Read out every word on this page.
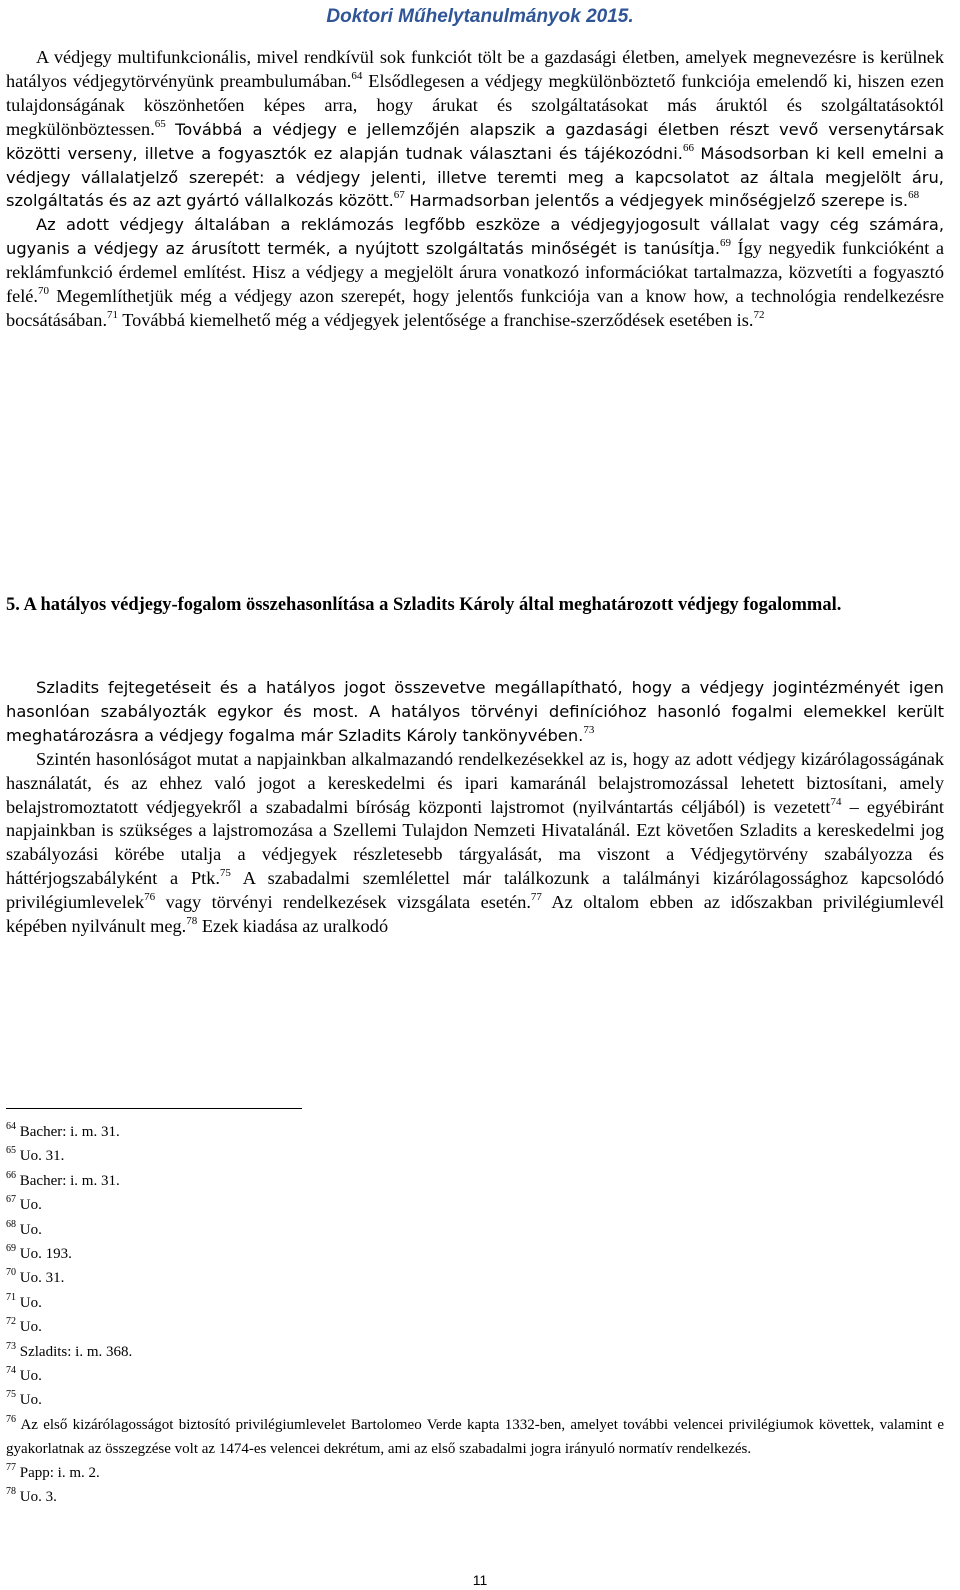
Doktori Műhelytanulmányok 2015.

A védjegy multifunkcionális, mivel rendkívül sok funkciót tölt be a gazdasági életben, amelyek megnevezésre is kerülnek hatályos védjegytörvényünk preambulumában.$^{64}$ Elsődlegesen a védjegy megkülönböztető funkciója emelendő ki, hiszen ezen tulajdonságának köszönhetően képes arra, hogy árukat és szolgáltatásokat más áruktól és szolgáltatásoktól megkülönböztessen.$^{65}$ Továbbá a védjegy e jellemzőjén alapszik a gazdasági életben részt vevő versenytársak közötti verseny, illetve a fogyasztók ez alapján tudnak választani és tájékozódni.$^{66}$ Másodsorban ki kell emelni a védjegy vállalatjelző szerepét: a védjegy jelenti, illetve teremti meg a kapcsolatot az általa megjelölt áru, szolgáltatás és az azt gyártó vállalkozás között.$^{67}$ Harmadsorban jelentős a védjegyek minőségjelző szerepe is.$^{68}$

Az adott védjegy általában a reklámozás legfőbb eszköze a védjegyjogosult vállalat vagy cég számára, ugyanis a védjegy az árusított termék, a nyújtott szolgáltatás minőségét is tanúsítja.$^{69}$ Így negyedik funkcióként a reklámfunkció érdemel említést. Hisz a védjegy a megjelölt árura vonatkozó információkat tartalmazza, közvetíti a fogyasztó felé.$^{70}$ Megemlíthetjük még a védjegy azon szerepét, hogy jelentős funkciója van a know how, a technológia rendelkezésre bocsátásában.$^{71}$ Továbbá kiemelhető még a védjegyek jelentősége a franchise-szerződések esetében is.$^{72}$

5. A hatályos védjegy-fogalom összehasonlítása a Szladits Károly által meghatározott védjegy fogalommal.

Szladits fejtegetéseit és a hatályos jogot összevetve megállapítható, hogy a védjegy jogintézményét igen hasonlóan szabályozták egykor és most. A hatályos törvényi definícióhoz hasonló fogalmi elemekkel került meghatározásra a védjegy fogalma már Szladits Károly tankönyvében.$^{73}$

Szintén hasonlóságot mutat a napjainkban alkalmazandó rendelkezésekkel az is, hogy az adott védjegy kizárólagosságának használatát, és az ehhez való jogot a kereskedelmi és ipari kamaránál belajstromozással lehetett biztosítani, amely belajstromoztatott védjegyekről a szabadalmi bíróság központi lajstromot (nyilvántartás céljából) is vezetett$^{74}$ – egyébiránt napjainkban is szükséges a lajstromozása a Szellemi Tulajdon Nemzeti Hivatalánál. Ezt követően Szladits a kereskedelmi jog szabályozási körébe utalja a védjegyek részletesebb tárgyalását, ma viszont a Védjegytörvény szabályozza és háttérjogszabályként a Ptk.$^{75}$ A szabadalmi szemlélettel már találkozunk a találmányi kizárólagossághoz kapcsolódó privilégiumlevelek$^{76}$ vagy törvényi rendelkezések vizsgálata esetén.$^{77}$ Az oltalom ebben az időszakban privilégiumlevél képében nyilvánult meg.$^{78}$ Ezek kiadása az uralkodó

$^{64}$ Bacher: i. m. 31.

$^{65}$ Uo. 31.

$^{66}$ Bacher: i. m. 31.

$^{67}$ Uo.

$^{68}$ Uo.

$^{69}$ Uo. 193.

$^{70}$ Uo. 31.

$^{71}$ Uo.

$^{72}$ Uo.

$^{73}$ Szladits: i. m. 368.

$^{74}$ Uo.

$^{75}$ Uo.

$^{76}$ Az első kizárólagosságot biztosító privilégiumlevelet Bartolomeo Verde kapta 1332-ben, amelyet további velencei privilégiumok követtek, valamint e gyakorlatnak az összegzése volt az 1474-es velencei dekrétum, ami az első szabadalmi jogra irányuló normatív rendelkezés.

$^{77}$ Papp: i. m. 2.

$^{78}$ Uo. 3.

11
